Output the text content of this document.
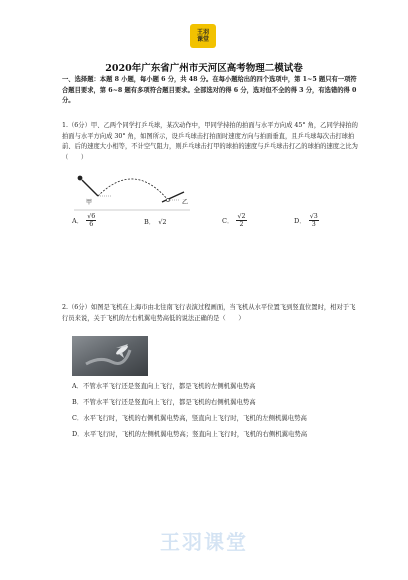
王羽
课堂
2020年广东省广州市天河区高考物理二模试卷

一、选择题：本题 8 小题，每小题 6 分，共 48 分。在每小题给出的四个选项中，第 1~5 题只有一项符合题目要求，第 6~8 题有多项符合题目要求。全部选对的得 6 分，选对但不全的得 3 分，有选错的得 0 分。

1.（6分）甲、乙两个同学打乒乓球，某次动作中，甲同学持拍的拍面与水平方向成 45° 角，乙同学持拍的拍面与水平方向成 30° 角，如图所示，设乒乓球击打拍面时速度方向与拍面垂直，且乒乓球每次击打球拍前、后的速度大小相等，不计空气阻力，则乒乓球击打甲的球拍的速度与乒乓球击打乙的球拍的速度之比为（　　）

甲	乙
A． $\frac{√6}{6}$	B． √2	C． $\frac{√2}{2}$	D． $\frac{√3}{3}$

2.（6分）如图是飞机在上海市由北往南飞行表演过程画面，当飞机从水平位置飞到竖直位置时，相对于飞行员来说，关于飞机的左右机翼电势高低的说法正确的是（　　）

A．不管水平飞行还是竖直向上飞行，都是飞机的左侧机翼电势高

B．不管水平飞行还是竖直向上飞行，都是飞机的右侧机翼电势高

C．水平飞行时，飞机的右侧机翼电势高，竖直向上飞行时，飞机的左侧机翼电势高

D．水平飞行时，飞机的左侧机翼电势高；竖直向上飞行时，飞机的右侧机翼电势高

王羽课堂
